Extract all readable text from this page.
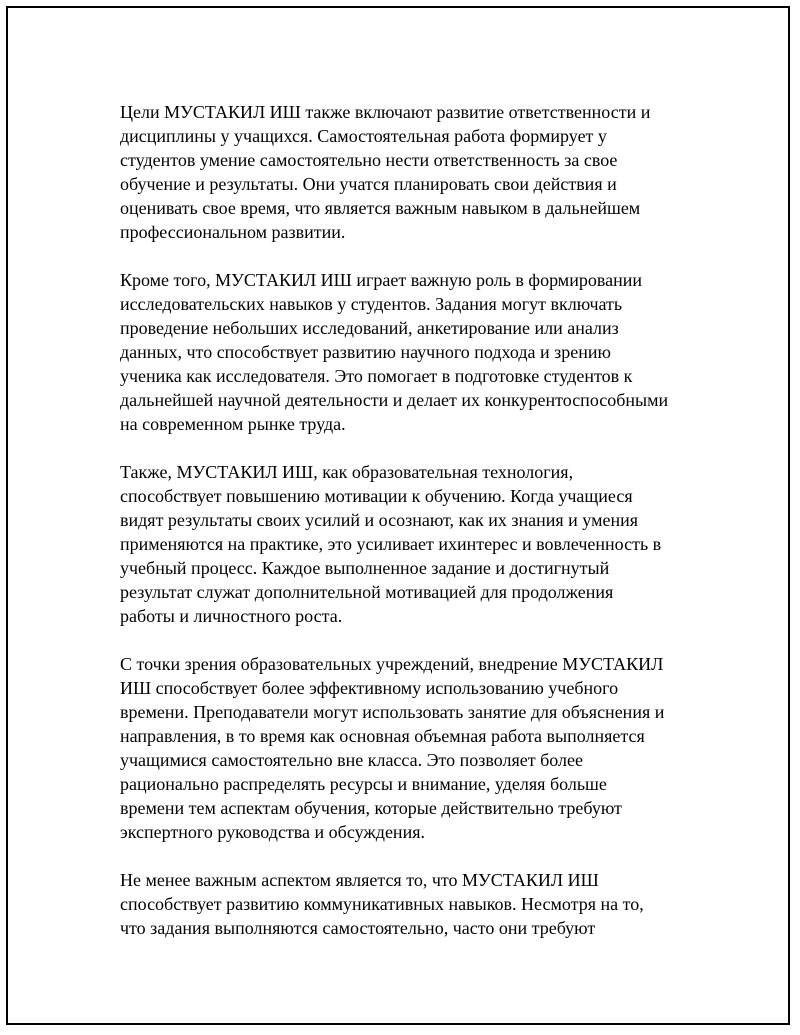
Цели МУСТАКИЛ ИШ также включают развитие ответственности и
дисциплины у учащихся. Самостоятельная работа формирует у
студентов умение самостоятельно нести ответственность за свое
обучение и результаты. Они учатся планировать свои действия и
оценивать свое время, что является важным навыком в дальнейшем
профессиональном развитии.

Кроме того, МУСТАКИЛ ИШ играет важную роль в формировании
исследовательских навыков у студентов. Задания могут включать
проведение небольших исследований, анкетирование или анализ
данных, что способствует развитию научного подхода и зрению
ученика как исследователя. Это помогает в подготовке студентов к
дальнейшей научной деятельности и делает их конкурентоспособными
на современном рынке труда.

Также, МУСТАКИЛ ИШ, как образовательная технология,
способствует повышению мотивации к обучению. Когда учащиеся
видят результаты своих усилий и осознают, как их знания и умения
применяются на практике, это усиливает ихинтерес и вовлеченность в
учебный процесс. Каждое выполненное задание и достигнутый
результат служат дополнительной мотивацией для продолжения
работы и личностного роста.

С точки зрения образовательных учреждений, внедрение МУСТАКИЛ
ИШ способствует более эффективному использованию учебного
времени. Преподаватели могут использовать занятие для объяснения и
направления, в то время как основная объемная работа выполняется
учащимися самостоятельно вне класса. Это позволяет более
рационально распределять ресурсы и внимание, уделяя больше
времени тем аспектам обучения, которые действительно требуют
экспертного руководства и обсуждения.

Не менее важным аспектом является то, что МУСТАКИЛ ИШ
способствует развитию коммуникативных навыков. Несмотря на то,
что задания выполняются самостоятельно, часто они требуют
